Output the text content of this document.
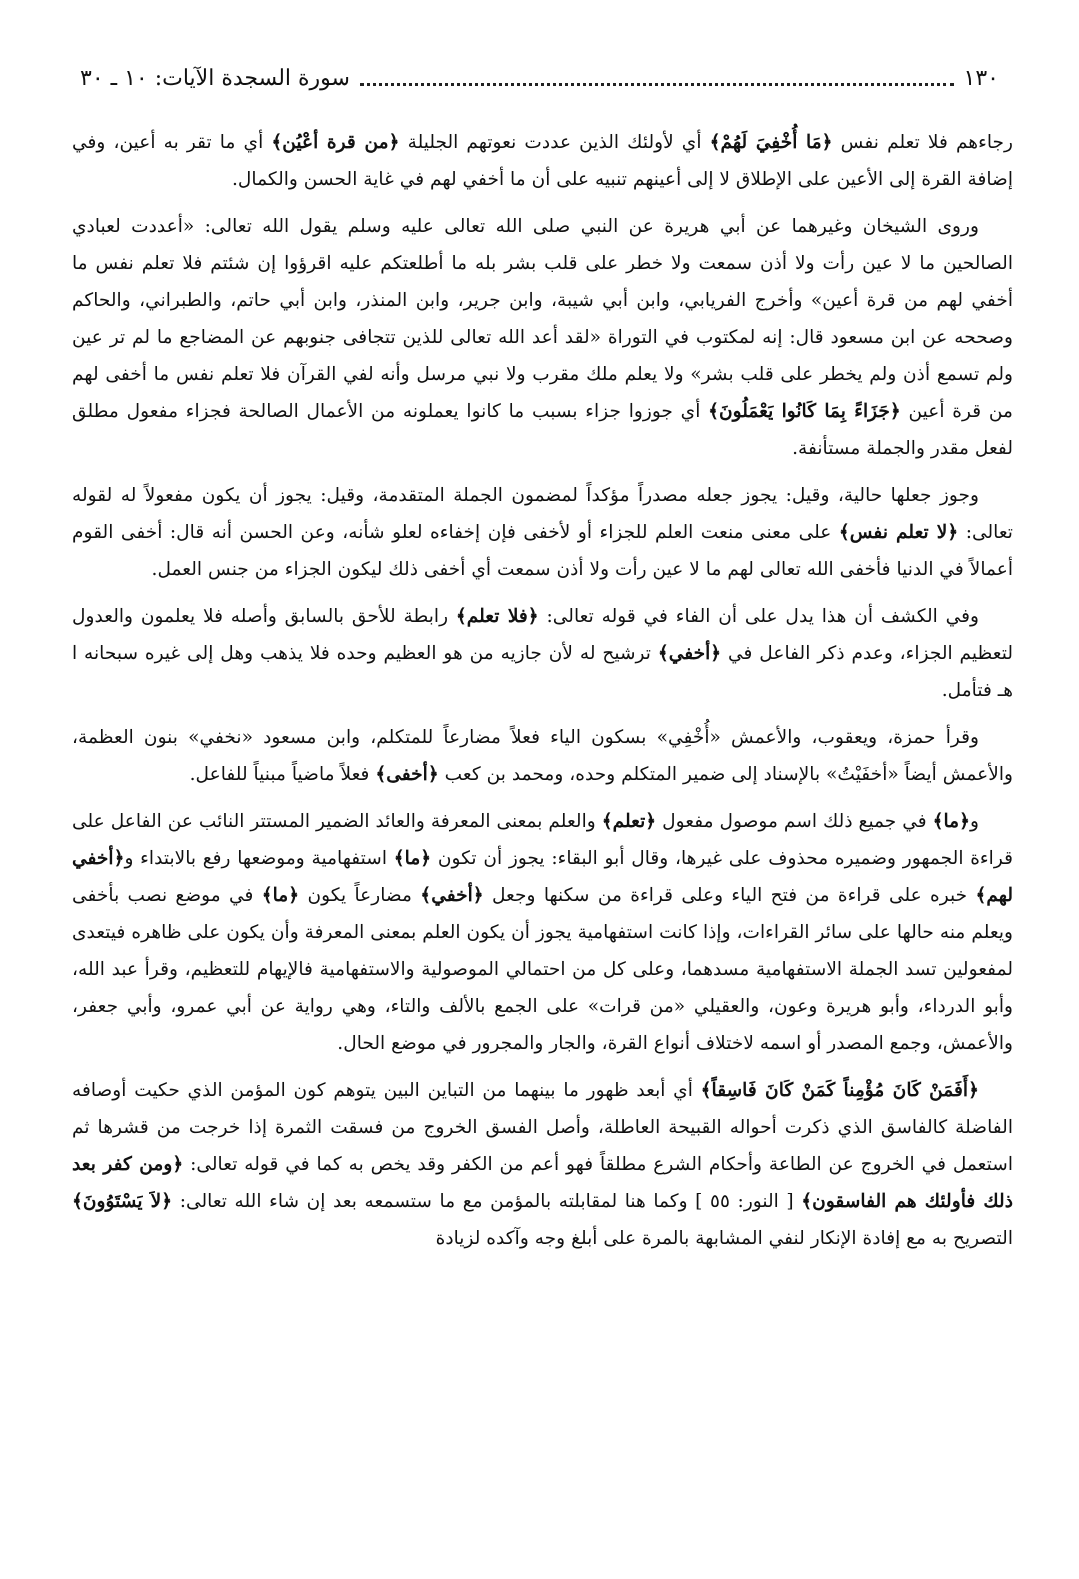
١٣٠
سورة السجدة الآيات: ١٠ ـ ٣٠

رجاءهم فلا تعلم نفس ﴿مَا أُخْفِيَ لَهُمْ﴾ أي لأولئك الذين عددت نعوتهم الجليلة ﴿من قرة أعْيُن﴾ أي ما تقر به أعين، وفي إضافة القرة إلى الأعين على الإطلاق لا إلى أعينهم تنبيه على أن ما أخفي لهم في غاية الحسن والكمال.

وروى الشيخان وغيرهما عن أبي هريرة عن النبي صلى الله تعالى عليه وسلم يقول الله تعالى: «أعددت لعبادي الصالحين ما لا عين رأت ولا أذن سمعت ولا خطر على قلب بشر بله ما أطلعتكم عليه اقرؤوا إن شئتم فلا تعلم نفس ما أخفي لهم من قرة أعين» وأخرج الفريابي، وابن أبي شيبة، وابن جرير، وابن المنذر، وابن أبي حاتم، والطبراني، والحاكم وصححه عن ابن مسعود قال: إنه لمكتوب في التوراة «لقد أعد الله تعالى للذين تتجافى جنوبهم عن المضاجع ما لم تر عين ولم تسمع أذن ولم يخطر على قلب بشر» ولا يعلم ملك مقرب ولا نبي مرسل وأنه لفي القرآن فلا تعلم نفس ما أخفى لهم من قرة أعين ﴿جَزَاءً بِمَا كَانُوا يَعْمَلُونَ﴾ أي جوزوا جزاء بسبب ما كانوا يعملونه من الأعمال الصالحة فجزاء مفعول مطلق لفعل مقدر والجملة مستأنفة.

وجوز جعلها حالية، وقيل: يجوز جعله مصدراً مؤكداً لمضمون الجملة المتقدمة، وقيل: يجوز أن يكون مفعولاً له لقوله تعالى: ﴿لا تعلم نفس﴾ على معنى منعت العلم للجزاء أو لأخفى فإن إخفاءه لعلو شأنه، وعن الحسن أنه قال: أخفى القوم أعمالاً في الدنيا فأخفى الله تعالى لهم ما لا عين رأت ولا أذن سمعت أي أخفى ذلك ليكون الجزاء من جنس العمل.

وفي الكشف أن هذا يدل على أن الفاء في قوله تعالى: ﴿فلا تعلم﴾ رابطة للأحق بالسابق وأصله فلا يعلمون والعدول لتعظيم الجزاء، وعدم ذكر الفاعل في ﴿أخفي﴾ ترشيح له لأن جازيه من هو العظيم وحده فلا يذهب وهل إلى غيره سبحانه ا هـ فتأمل.

وقرأ حمزة، ويعقوب، والأعمش «أُخْفِي» بسكون الياء فعلاً مضارعاً للمتكلم، وابن مسعود «نخفي» بنون العظمة، والأعمش أيضاً «أخفَيْتُ» بالإسناد إلى ضمير المتكلم وحده، ومحمد بن كعب ﴿أخفى﴾ فعلاً ماضياً مبنياً للفاعل.

و﴿ما﴾ في جميع ذلك اسم موصول مفعول ﴿تعلم﴾ والعلم بمعنى المعرفة والعائد الضمير المستتر النائب عن الفاعل على قراءة الجمهور وضميره محذوف على غيرها، وقال أبو البقاء: يجوز أن تكون ﴿ما﴾ استفهامية وموضعها رفع بالابتداء و﴿أخفي لهم﴾ خبره على قراءة من فتح الياء وعلى قراءة من سكنها وجعل ﴿أخفي﴾ مضارعاً يكون ﴿ما﴾ في موضع نصب بأخفى ويعلم منه حالها على سائر القراءات، وإذا كانت استفهامية يجوز أن يكون العلم بمعنى المعرفة وأن يكون على ظاهره فيتعدى لمفعولين تسد الجملة الاستفهامية مسدهما، وعلى كل من احتمالي الموصولية والاستفهامية فالإيهام للتعظيم، وقرأ عبد الله، وأبو الدرداء، وأبو هريرة وعون، والعقيلي «من قرات» على الجمع بالألف والتاء، وهي رواية عن أبي عمرو، وأبي جعفر، والأعمش، وجمع المصدر أو اسمه لاختلاف أنواع القرة، والجار والمجرور في موضع الحال.

﴿أَفَمَنْ كَانَ مُؤْمِناً كَمَنْ كَانَ فَاسِقاً﴾ أي أبعد ظهور ما بينهما من التباين البين يتوهم كون المؤمن الذي حكيت أوصافه الفاضلة كالفاسق الذي ذكرت أحواله القبيحة العاطلة، وأصل الفسق الخروج من فسقت الثمرة إذا خرجت من قشرها ثم استعمل في الخروج عن الطاعة وأحكام الشرع مطلقاً فهو أعم من الكفر وقد يخص به كما في قوله تعالى: ﴿ومن كفر بعد ذلك فأولئك هم الفاسقون﴾ [ النور: ٥٥ ] وكما هنا لمقابلته بالمؤمن مع ما ستسمعه بعد إن شاء الله تعالى: ﴿لاَ يَسْتَوُونَ﴾ التصريح به مع إفادة الإنكار لنفي المشابهة بالمرة على أبلغ وجه وآكده لزيادة
